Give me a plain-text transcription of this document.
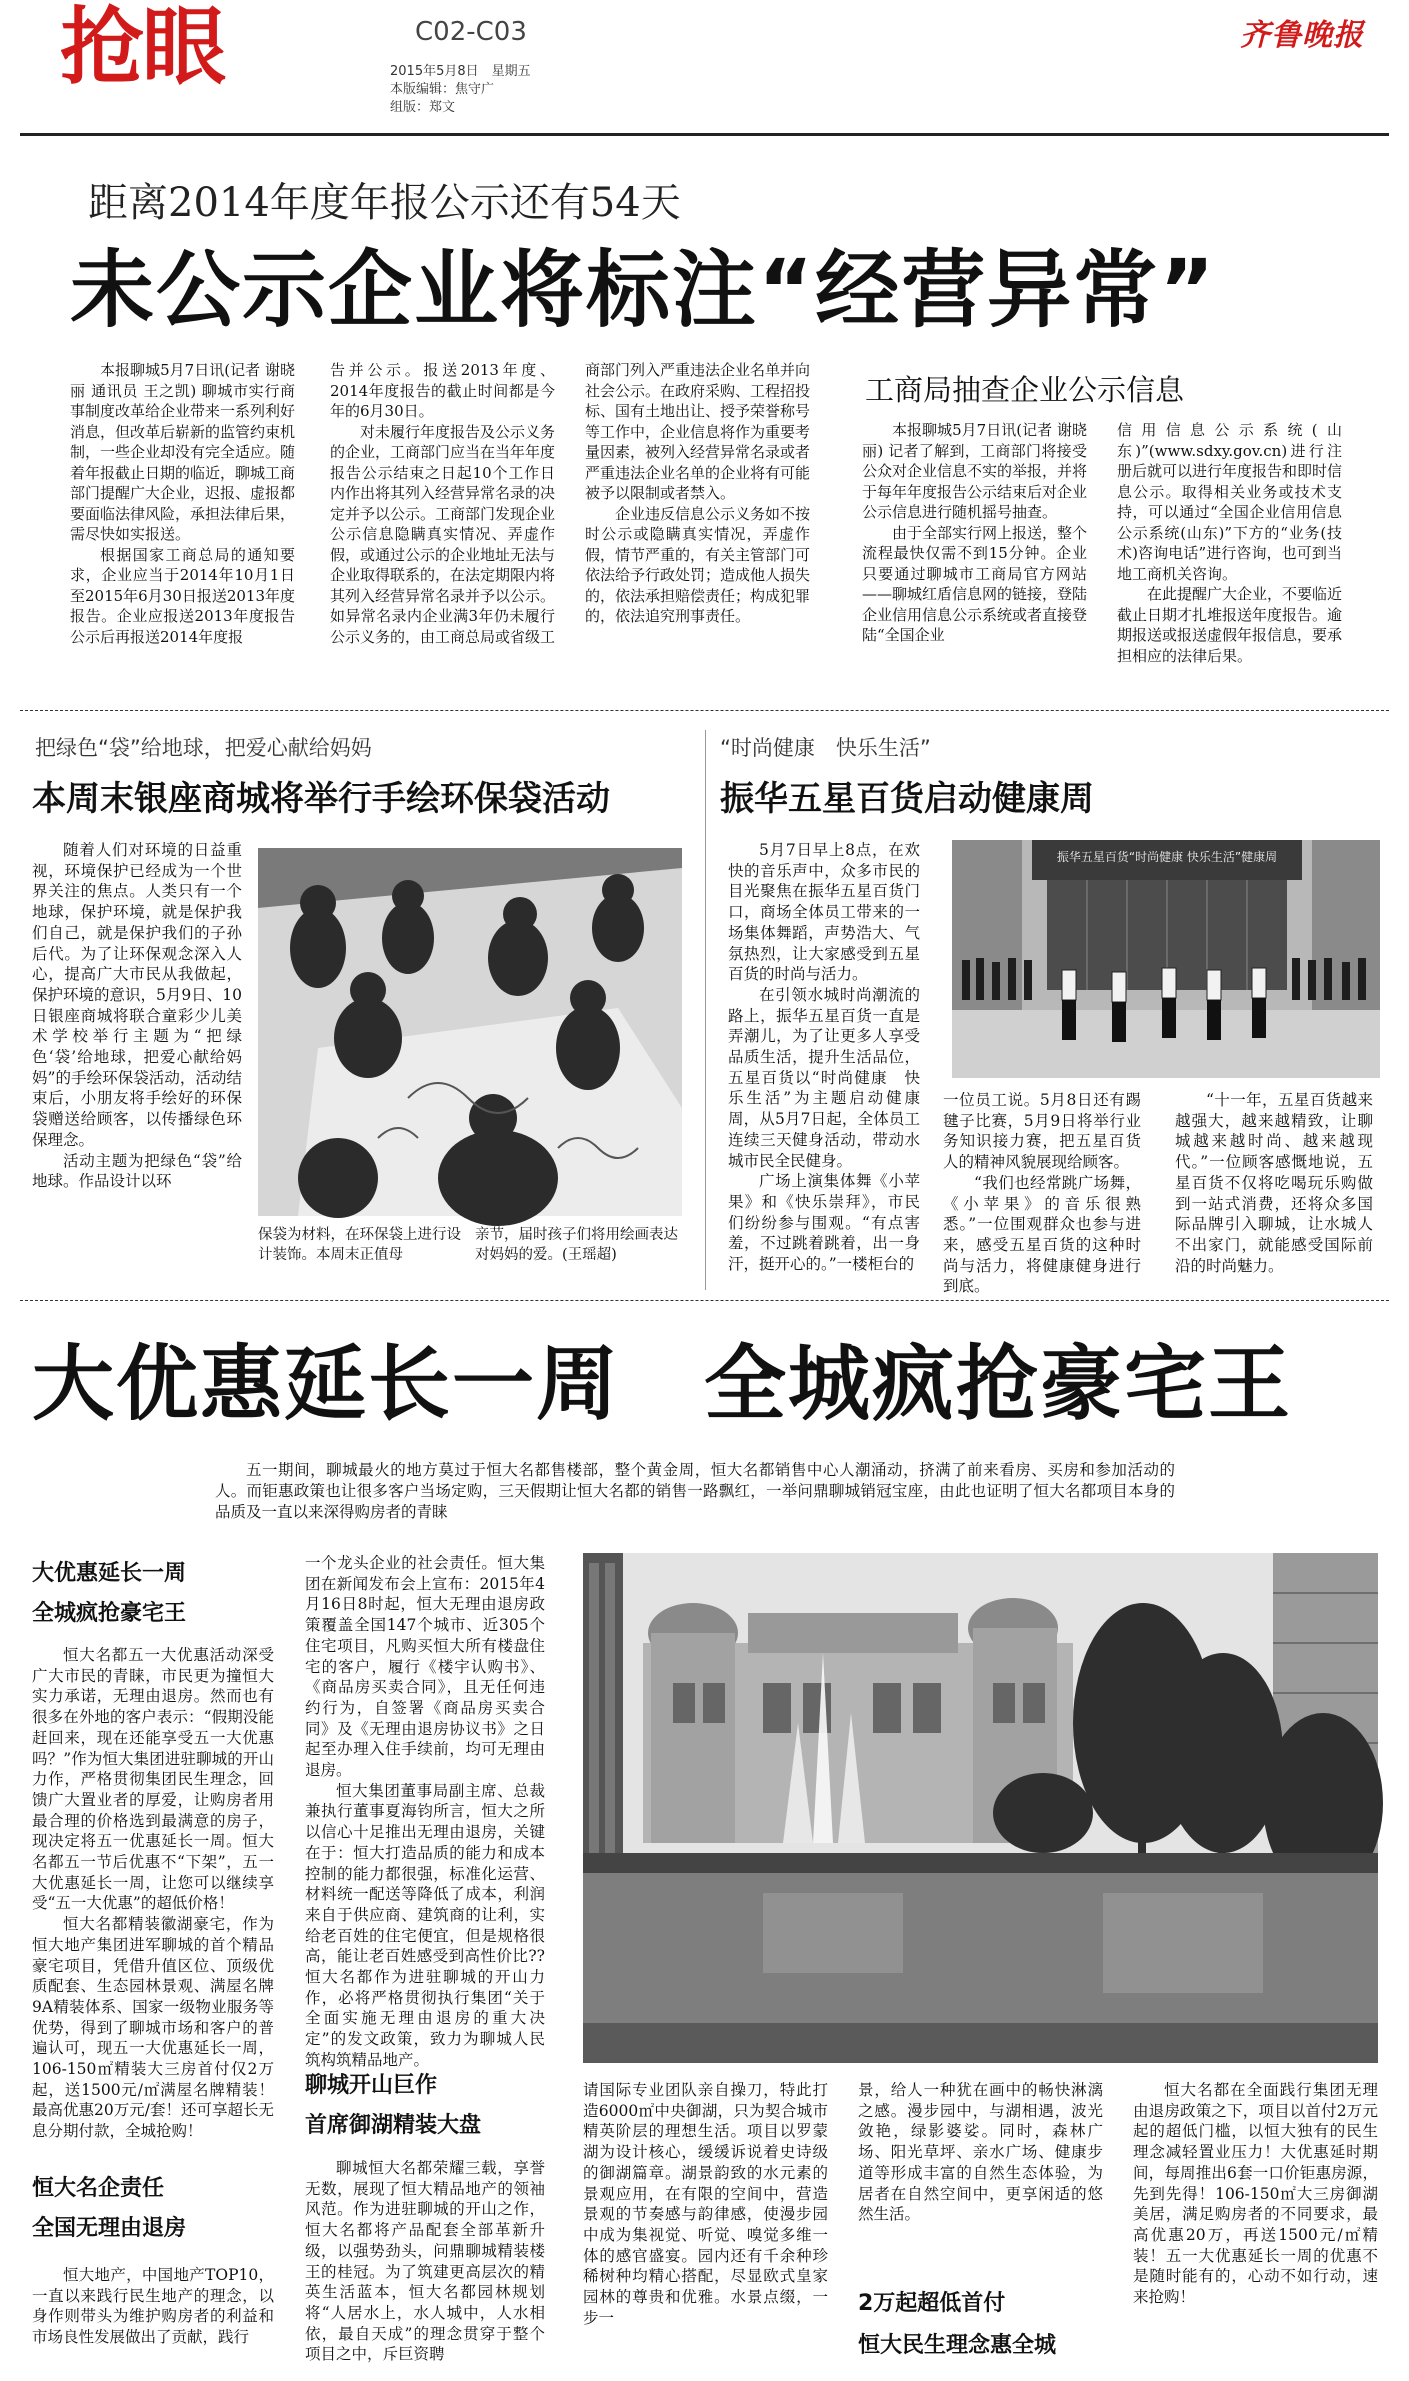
抢眼	C02-C03
2015年5月8日　星期五
本版编辑：焦守广
组版：郑文
齐鲁晚报
距离2014年度年报公示还有54天
未公示企业将标注“经营异常”

本报聊城5月7日讯(记者 谢晓丽 通讯员 王之凯) 聊城市实行商事制度改革给企业带来一系列利好消息，但改革后崭新的监管约束机制，一些企业却没有完全适应。随着年报截止日期的临近，聊城工商部门提醒广大企业，迟报、虚报都要面临法律风险，承担法律后果，需尽快如实报送。

根据国家工商总局的通知要求，企业应当于2014年10月1日至2015年6月30日报送2013年度报告。企业应报送2013年度报告公示后再报送2014年度报

告并公示。报送2013年度、2014年度报告的截止时间都是今年的6月30日。

对未履行年度报告及公示义务的企业，工商部门应当在当年年度报告公示结束之日起10个工作日内作出将其列入经营异常名录的决定并予以公示。工商部门发现企业公示信息隐瞒真实情况、弄虚作假，或通过公示的企业地址无法与企业取得联系的，在法定期限内将其列入经营异常名录并予以公示。如异常名录内企业满3年仍未履行公示义务的，由工商总局或省级工

商部门列入严重违法企业名单并向社会公示。在政府采购、工程招投标、国有土地出让、授予荣誉称号等工作中，企业信息将作为重要考量因素，被列入经营异常名录或者严重违法企业名单的企业将有可能被予以限制或者禁入。

企业违反信息公示义务如不按时公示或隐瞒真实情况，弄虚作假，情节严重的，有关主管部门可依法给予行政处罚；造成他人损失的，依法承担赔偿责任；构成犯罪的，依法追究刑事责任。

工商局抽查企业公示信息

本报聊城5月7日讯(记者 谢晓丽) 记者了解到，工商部门将接受公众对企业信息不实的举报，并将于每年年度报告公示结束后对企业公示信息进行随机摇号抽查。

由于全部实行网上报送，整个流程最快仅需不到15分钟。企业只要通过聊城市工商局官方网站——聊城红盾信息网的链接，登陆企业信用信息公示系统或者直接登陆“全国企业

信用信息公示系统(山东)”(www.sdxy.gov.cn)进行注册后就可以进行年度报告和即时信息公示。取得相关业务或技术支持，可以通过“全国企业信用信息公示系统(山东)”下方的“业务(技术)咨询电话”进行咨询，也可到当地工商机关咨询。

在此提醒广大企业，不要临近截止日期才扎堆报送年度报告。逾期报送或报送虚假年报信息，要承担相应的法律后果。

把绿色“袋”给地球，把爱心献给妈妈
本周末银座商城将举行手绘环保袋活动

随着人们对环境的日益重视，环境保护已经成为一个世界关注的焦点。人类只有一个地球，保护环境，就是保护我们自己，就是保护我们的子孙后代。为了让环保观念深入人心，提高广大市民从我做起，保护环境的意识，5月9日、10日银座商城将联合童彩少儿美术学校举行主题为“把绿色‘袋’给地球，把爱心献给妈妈”的手绘环保袋活动，活动结束后，小朋友将手绘好的环保袋赠送给顾客，以传播绿色环保理念。

活动主题为把绿色“袋”给地球。作品设计以环

保袋为材料，在环保袋上进行设计装饰。本周末正值母
亲节，届时孩子们将用绘画表达对妈妈的爱。(王瑶超)
“时尚健康　快乐生活”
振华五星百货启动健康周

5月7日早上8点，在欢快的音乐声中，众多市民的目光聚焦在振华五星百货门口，商场全体员工带来的一场集体舞蹈，声势浩大、气氛热烈，让大家感受到五星百货的时尚与活力。

在引领水城时尚潮流的路上，振华五星百货一直是弄潮儿，为了让更多人享受品质生活，提升生活品位，五星百货以“时尚健康　快乐生活”为主题启动健康周，从5月7日起，全体员工连续三天健身活动，带动水城市民全民健身。

广场上演集体舞《小苹果》和《快乐崇拜》，市民们纷纷参与围观。“有点害羞，不过跳着跳着，出一身汗，挺开心的。”一楼柜台的

振华五星百货“时尚健康 快乐生活”健康周

一位员工说。5月8日还有踢毽子比赛，5月9日将举行业务知识接力赛，把五星百货人的精神风貌展现给顾客。

“我们也经常跳广场舞，《小苹果》的音乐很熟悉。”一位围观群众也参与进来，感受五星百货的这种时尚与活力，将健康健身进行到底。

“十一年，五星百货越来越强大，越来越精致，让聊城越来越时尚、越来越现代。”一位顾客感慨地说，五星百货不仅将吃喝玩乐购做到一站式消费，还将众多国际品牌引入聊城，让水城人不出家门，就能感受国际前沿的时尚魅力。

大优惠延长一周　全城疯抢豪宅王

五一期间，聊城最火的地方莫过于恒大名都售楼部，整个黄金周，恒大名都销售中心人潮涌动，挤满了前来看房、买房和参加活动的人。而钜惠政策也让很多客户当场定购，三天假期让恒大名都的销售一路飘红，一举问鼎聊城销冠宝座，由此也证明了恒大名都项目本身的品质及一直以来深得购房者的青睐

大优惠延长一周
全城疯抢豪宅王

恒大名都五一大优惠活动深受广大市民的青睐，市民更为撞恒大实力承诺，无理由退房。然而也有很多在外地的客户表示：“假期没能赶回来，现在还能享受五一大优惠吗？”作为恒大集团进驻聊城的开山力作，严格贯彻集团民生理念，回馈广大置业者的厚爱，让购房者用最合理的价格选到最满意的房子，现决定将五一优惠延长一周。恒大名都五一节后优惠不“下架”，五一大优惠延长一周，让您可以继续享受“五一大优惠”的超低价格！

恒大名都精装徽湖豪宅，作为恒大地产集团进军聊城的首个精品豪宅项目，凭借升值区位、顶级优质配套、生态园林景观、满屋名牌9A精装体系、国家一级物业服务等优势，得到了聊城市场和客户的普遍认可，现五一大优惠延长一周，106-150㎡精装大三房首付仅2万起，送1500元/㎡满屋名牌精装！最高优惠20万元/套！还可享超长无息分期付款，全城抢购！

恒大名企责任
全国无理由退房

恒大地产，中国地产TOP10，一直以来践行民生地产的理念，以身作则带头为维护购房者的利益和市场良性发展做出了贡献，践行

一个龙头企业的社会责任。恒大集团在新闻发布会上宣布：2015年4月16日8时起，恒大无理由退房政策覆盖全国147个城市、近305个住宅项目，凡购买恒大所有楼盘住宅的客户，履行《楼宇认购书》、《商品房买卖合同》，且无任何违约行为，自签署《商品房买卖合同》及《无理由退房协议书》之日起至办理入住手续前，均可无理由退房。

恒大集团董事局副主席、总裁兼执行董事夏海钧所言，恒大之所以信心十足推出无理由退房，关键在于：恒大打造品质的能力和成本控制的能力都很强，标准化运营、材料统一配送等降低了成本，利润来自于供应商、建筑商的让利，实给老百姓的住宅便宜，但是规格很高，能让老百姓感受到高性价比?? 恒大名都作为进驻聊城的开山力作，必将严格贯彻执行集团“关于全面实施无理由退房的重大决定”的发文政策，致力为聊城人民筑构筑精品地产。

聊城开山巨作
首席御湖精装大盘

聊城恒大名都荣耀三载，享誉无数，展现了恒大精品地产的领袖风范。作为进驻聊城的开山之作，恒大名都将产品配套全部革新升级，以强势劲头，问鼎聊城精装楼王的桂冠。为了筑建更高层次的精英生活蓝本，恒大名都园林规划将“人居水上，水人城中，人水相依，最自天成”的理念贯穿于整个项目之中，斥巨资聘

请国际专业团队亲自操刀，特此打造6000㎡中央御湖，只为契合城市精英阶层的理想生活。项目以罗蒙湖为设计核心，缓缓诉说着史诗级的御湖篇章。湖景韵致的水元素的景观应用，在有限的空间中，营造景观的节奏感与韵律感，使漫步园中成为集视觉、听觉、嗅觉多维一体的感官盛宴。园内还有千余种珍稀树种均精心搭配，尽显欧式皇家园林的尊贵和优雅。水景点缀，一步一

景，给人一种犹在画中的畅快淋漓之感。漫步园中，与湖相遇，波光敛艳，绿影婆娑。同时，森林广场、阳光草坪、亲水广场、健康步道等形成丰富的自然生态体验，为居者在自然空间中，更享闲适的悠然生活。

2万起超低首付
恒大民生理念惠全城

恒大名都在全面践行集团无理由退房政策之下，项目以首付2万元起的超低门槛，以恒大独有的民生理念减轻置业压力！大优惠延时期间，每周推出6套一口价钜惠房源，先到先得！106-150㎡大三房御湖美居，满足购房者的不同要求，最高优惠20万，再送1500元/㎡精装！五一大优惠延长一周的优惠不是随时能有的，心动不如行动，速来抢购！
